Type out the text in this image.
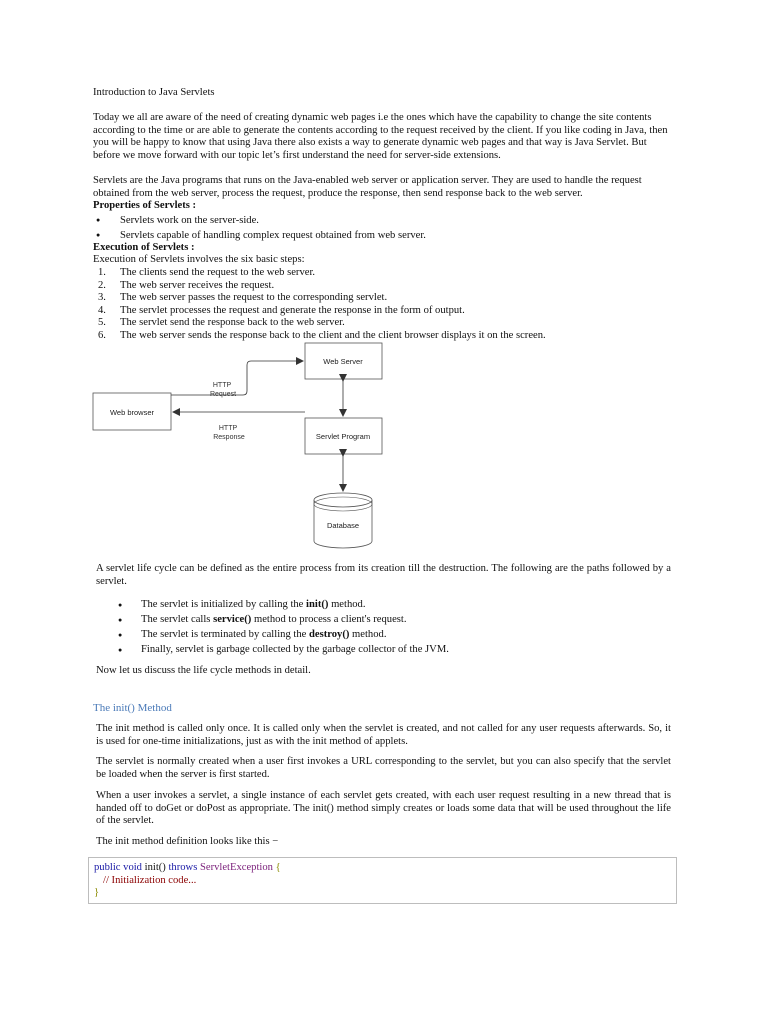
Introduction to Java Servlets

Today we all are aware of the need of creating dynamic web pages i.e the ones which have the capability to change the site contents according to the time or are able to generate the contents according to the request received by the client. If you like coding in Java, then you will be happy to know that using Java there also exists a way to generate dynamic web pages and that way is Java Servlet. But before we move forward with our topic let’s first understand the need for server-side extensions.

Servlets are the Java programs that runs on the Java-enabled web server or application server. They are used to handle the request obtained from the web server, process the request, produce the response, then send response back to the web server.

Properties of Servlets :

● Servlets work on the server-side.
● Servlets capable of handling complex request obtained from web server.

Execution of Servlets :

Execution of Servlets involves the six basic steps:

1. The clients send the request to the web server.
2. The web server receives the request.
3. The web server passes the request to the corresponding servlet.
4. The servlet processes the request and generate the response in the form of output.
5. The servlet send the response back to the web server.
6. The web server sends the response back to the client and the client browser displays it on the screen.
Web browser
Web Server
Servlet Program
Database
HTTP
Request
HTTP
Response

A servlet life cycle can be defined as the entire process from its creation till the destruction. The following are the paths followed by a servlet.

● The servlet is initialized by calling the init() method.
● The servlet calls service() method to process a client's request.
● The servlet is terminated by calling the destroy() method.
● Finally, servlet is garbage collected by the garbage collector of the JVM.

Now let us discuss the life cycle methods in detail.

The init() Method

The init method is called only once. It is called only when the servlet is created, and not called for any user requests afterwards. So, it is used for one-time initializations, just as with the init method of applets.

The servlet is normally created when a user first invokes a URL corresponding to the servlet, but you can also specify that the servlet be loaded when the server is first started.

When a user invokes a servlet, a single instance of each servlet gets created, with each user request resulting in a new thread that is handed off to doGet or doPost as appropriate. The init() method simply creates or loads some data that will be used throughout the life of the servlet.

The init method definition looks like this −

public void init() throws ServletException {
// Initialization code...
}
